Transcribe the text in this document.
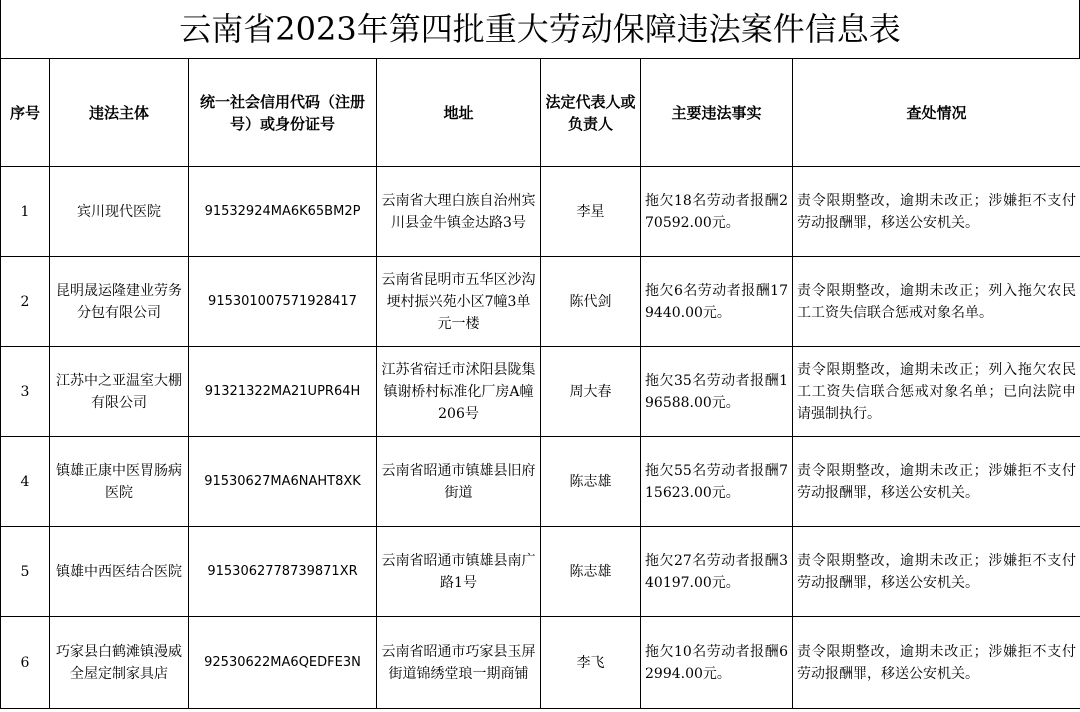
云南省2023年第四批重大劳动保障违法案件信息表
序号	违法主体	统一社会信用代码（注册号）或身份证号	地址	法定代表人或负责人	主要违法事实	查处情况
1	宾川现代医院	91532924MA6K65BM2P	云南省大理白族自治州宾川县金牛镇金达路3号	李星	拖欠18名劳动者报酬270592.00元。	责令限期整改，逾期未改正；涉嫌拒不支付劳动报酬罪，移送公安机关。
2	昆明晟运隆建业劳务分包有限公司	915301007571928417	云南省昆明市五华区沙沟埂村振兴苑小区7幢3单元一楼	陈代剑	拖欠6名劳动者报酬179440.00元。	责令限期整改，逾期未改正；列入拖欠农民工工资失信联合惩戒对象名单。
3	江苏中之亚温室大棚有限公司	91321322MA21UPR64H	江苏省宿迁市沭阳县陇集镇谢桥村标准化厂房A幢206号	周大春	拖欠35名劳动者报酬196588.00元。	责令限期整改，逾期未改正；列入拖欠农民工工资失信联合惩戒对象名单；已向法院申请强制执行。
4	镇雄正康中医胃肠病医院	91530627MA6NAHT8XK	云南省昭通市镇雄县旧府街道	陈志雄	拖欠55名劳动者报酬715623.00元。	责令限期整改，逾期未改正；涉嫌拒不支付劳动报酬罪，移送公安机关。
5	镇雄中西医结合医院	9153062778739871XR	云南省昭通市镇雄县南广路1号	陈志雄	拖欠27名劳动者报酬340197.00元。	责令限期整改，逾期未改正；涉嫌拒不支付劳动报酬罪，移送公安机关。
6	巧家县白鹤滩镇漫威全屋定制家具店	92530622MA6QEDFE3N	云南省昭通市巧家县玉屏街道锦绣堂琅一期商铺	李飞	拖欠10名劳动者报酬62994.00元。	责令限期整改，逾期未改正；涉嫌拒不支付劳动报酬罪，移送公安机关。
